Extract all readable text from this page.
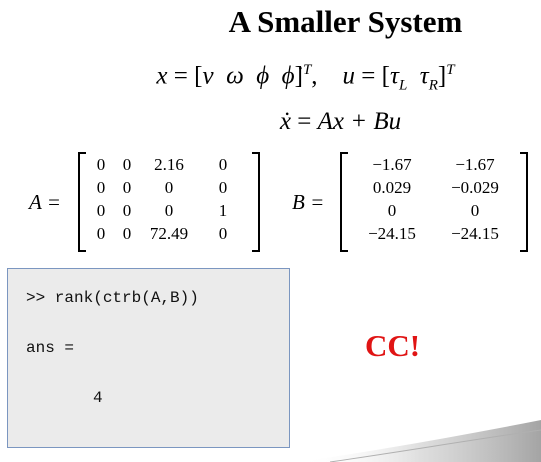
A Smaller System
x = [v ω ϕ ϕ̇]$^T$, $u = [\tau_L$ $\tau_R]^T$
ẋ = Ax + Bu
A =
0	0	2.16	0
0	0	0	0
0	0	0	1
0	0	72.49	0
B =
−1.67	−1.67
0.029	−0.029
0	0
−24.15	−24.15
>> rank(ctrb(A,B))
ans =
4
CC!
